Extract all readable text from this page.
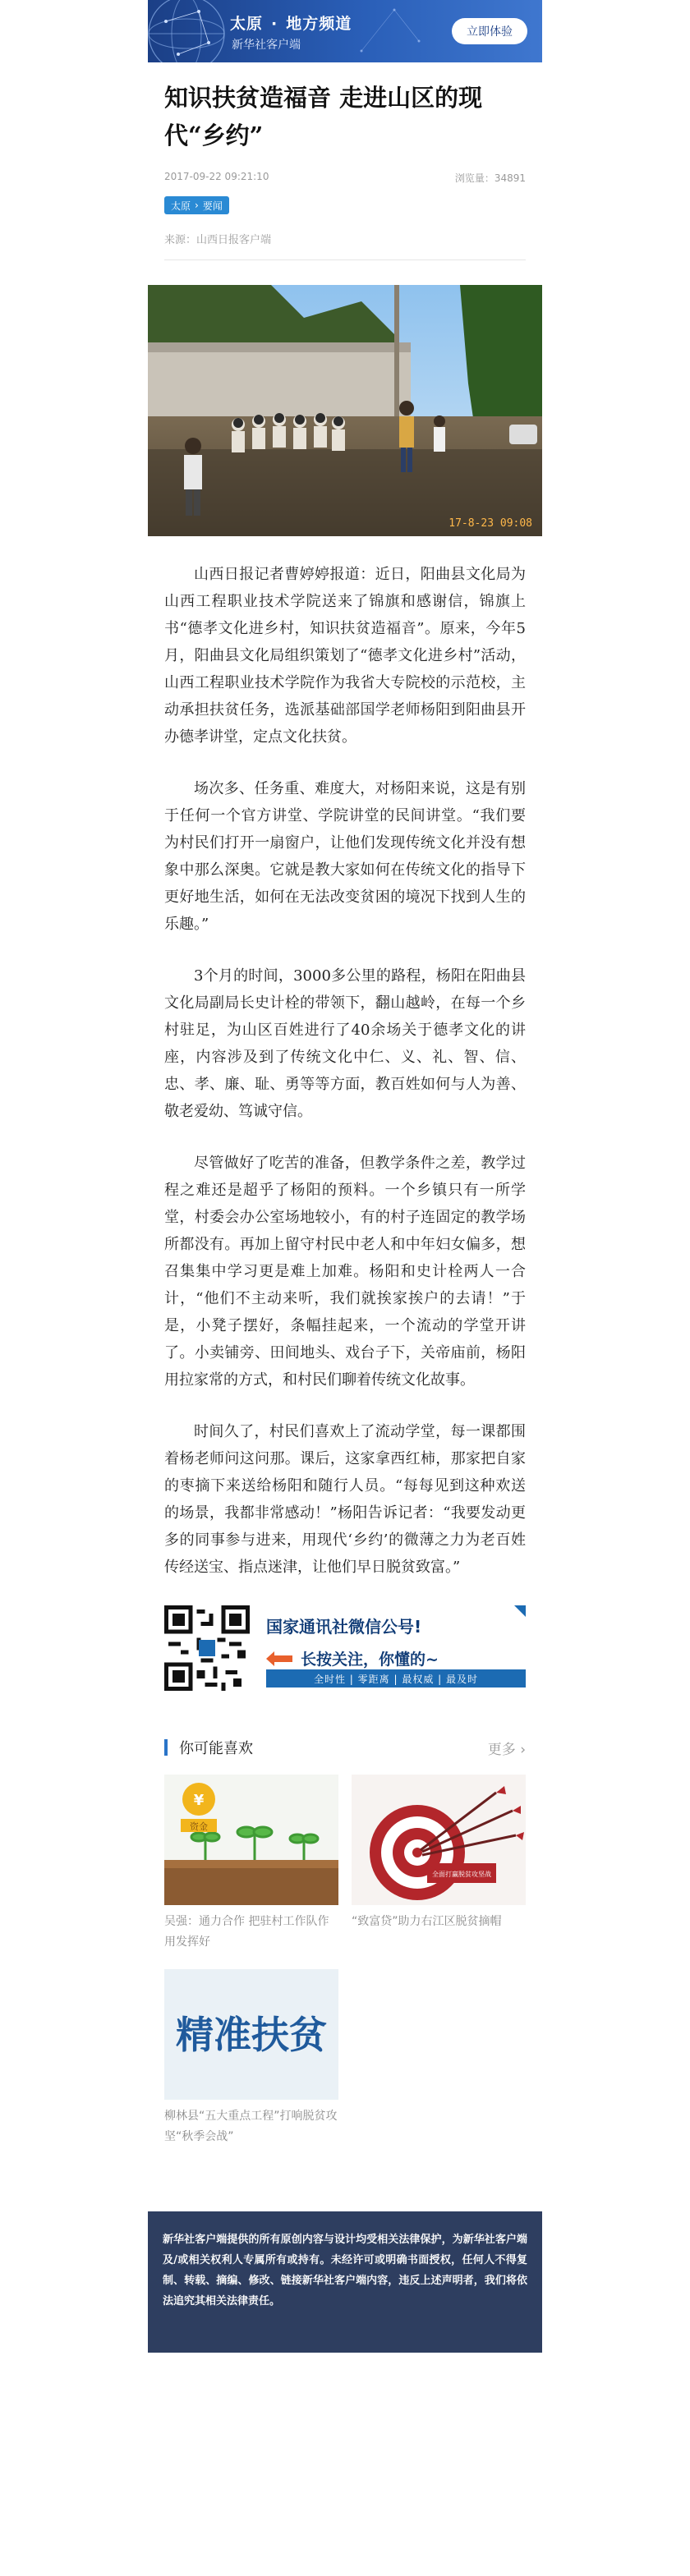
太原 · 地方频道
新华社客户端
立即体验
知识扶贫造福音 走进山区的现代“乡约”
2017-09-22 09:21:10	浏览量：34891
太原 › 要闻
来源：山西日报客户端
17-8-23 09:08

山西日报记者曹婷婷报道：近日，阳曲县文化局为山西工程职业技术学院送来了锦旗和感谢信，锦旗上书“德孝文化进乡村，知识扶贫造福音”。原来，今年5月，阳曲县文化局组织策划了“德孝文化进乡村”活动，山西工程职业技术学院作为我省大专院校的示范校，主动承担扶贫任务，选派基础部国学老师杨阳到阳曲县开办德孝讲堂，定点文化扶贫。

场次多、任务重、难度大，对杨阳来说，这是有别于任何一个官方讲堂、学院讲堂的民间讲堂。“我们要为村民们打开一扇窗户，让他们发现传统文化并没有想象中那么深奥。它就是教大家如何在传统文化的指导下更好地生活，如何在无法改变贫困的境况下找到人生的乐趣。”

3个月的时间，3000多公里的路程，杨阳在阳曲县文化局副局长史计栓的带领下，翻山越岭，在每一个乡村驻足，为山区百姓进行了40余场关于德孝文化的讲座，内容涉及到了传统文化中仁、义、礼、智、信、忠、孝、廉、耻、勇等等方面，教百姓如何与人为善、敬老爱幼、笃诚守信。

尽管做好了吃苦的准备，但教学条件之差，教学过程之难还是超乎了杨阳的预料。一个乡镇只有一所学堂，村委会办公室场地较小，有的村子连固定的教学场所都没有。再加上留守村民中老人和中年妇女偏多，想召集集中学习更是难上加难。杨阳和史计栓两人一合计，“他们不主动来听，我们就挨家挨户的去请！”于是，小凳子摆好，条幅挂起来，一个流动的学堂开讲了。小卖铺旁、田间地头、戏台子下，关帝庙前，杨阳用拉家常的方式，和村民们聊着传统文化故事。

时间久了，村民们喜欢上了流动学堂，每一课都围着杨老师问这问那。课后，这家拿西红柿，那家把自家的枣摘下来送给杨阳和随行人员。“每每见到这种欢送的场景，我都非常感动！”杨阳告诉记者：“我要发动更多的同事参与进来，用现代‘乡约’的微薄之力为老百姓传经送宝、指点迷津，让他们早日脱贫致富。”

国家通讯社微信公号!
长按关注，你懂的~
全时性 | 零距离 | 最权威 | 最及时
你可能喜欢	更多 ›
¥
资金
吴强：通力合作 把驻村工作队作用发挥好
全面打赢脱贫攻坚战
“致富贷”助力右江区脱贫摘帽
精准扶贫
柳林县“五大重点工程”打响脱贫攻坚“秋季会战”
新华社客户端提供的所有原创内容与设计均受相关法律保护，为新华社客户端及/或相关权利人专属所有或持有。未经许可或明确书面授权，任何人不得复制、转载、摘编、修改、链接新华社客户端内容，违反上述声明者，我们将依法追究其相关法律责任。
